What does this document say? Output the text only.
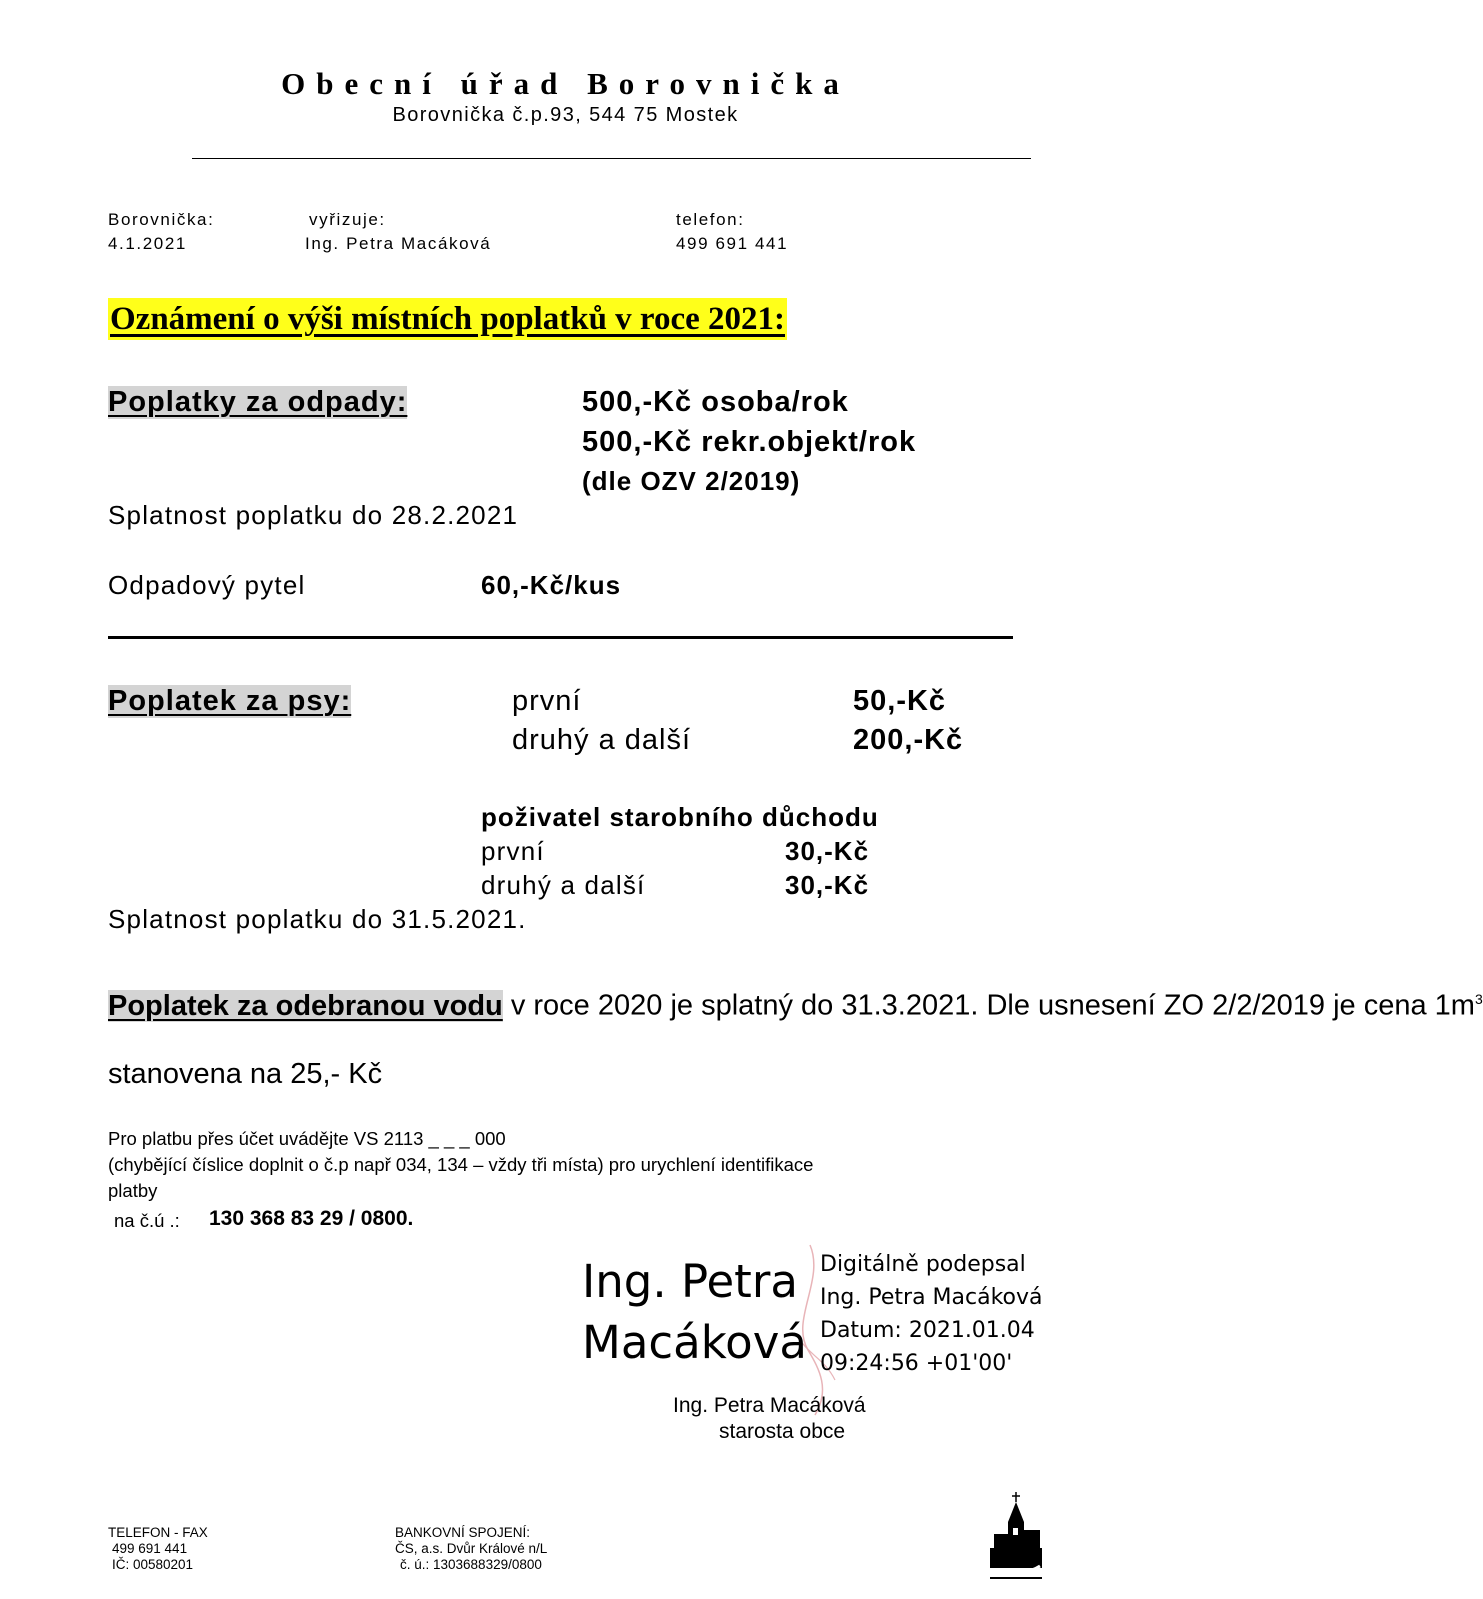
Obecní úřad Borovnička
Borovnička č.p.93, 544 75 Mostek
Borovnička:
4.1.2021
vyřizuje:
Ing. Petra Macáková
telefon:
499 691 441
Oznámení o výši místních poplatků v roce 2021:
Poplatky za odpady:	500,-Kč osoba/rok
500,-Kč rekr.objekt/rok
(dle OZV 2/2019)
Splatnost poplatku do 28.2.2021
Odpadový pytel	60,-Kč/kus
Poplatek za psy:	první	50,-Kč
druhý a další	200,-Kč
poživatel starobního důchodu
první	30,-Kč
druhý a další	30,-Kč
Splatnost poplatku do 31.5.2021.
Poplatek za odebranou vodu v roce 2020 je splatný do 31.3.2021. Dle usnesení ZO 2/2/2019 je cena $1m^3$
stanovena na 25,- Kč
Pro platbu přes účet uvádějte VS 2113 _ _ _ 000
(chybějící číslice doplnit o č.p např 034, 134 – vždy tři místa) pro urychlení identifikace
platby
na č.ú .: 130 368 83 29 / 0800.
Ing. Petra
Macáková
Digitálně podepsal
Ing. Petra Macáková
Datum: 2021.01.04
09:24:56 +01'00'
Ing. Petra Macáková
starosta obce
TELEFON - FAX
499 691 441
IČ: 00580201
BANKOVNÍ SPOJENÍ:
ČS, a.s. Dvůr Králové n/L
č. ú.: 1303688329/0800
